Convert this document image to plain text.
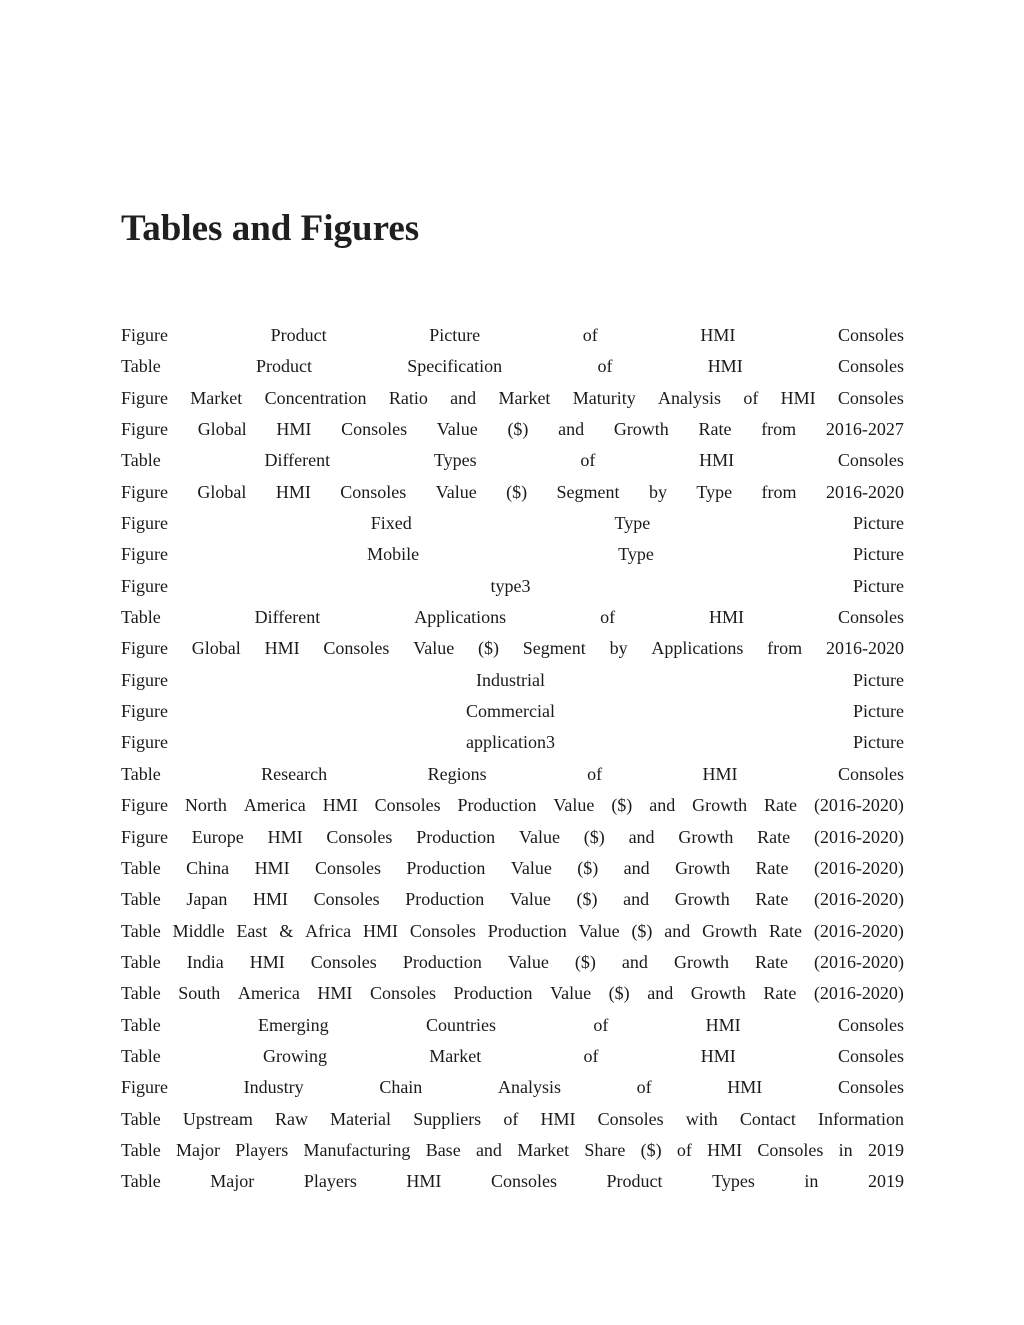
Tables and Figures
Figure	Product	Picture	of	HMI	Consoles
Table	Product	Specification	of	HMI	Consoles
Figure Market Concentration Ratio and Market Maturity Analysis of HMI Consoles
Figure Global HMI Consoles Value ($) and Growth Rate from 2016-2027
Table	Different	Types	of	HMI	Consoles
Figure Global HMI Consoles Value ($) Segment by Type from 2016-2020
Figure	Fixed	Type	Picture
Figure	Mobile	Type	Picture
Figure	type3	Picture
Table	Different	Applications	of	HMI	Consoles
Figure Global HMI Consoles Value ($) Segment by Applications from 2016-2020
Figure	Industrial	Picture
Figure	Commercial	Picture
Figure	application3	Picture
Table	Research	Regions	of	HMI	Consoles
Figure North America HMI Consoles Production Value ($) and Growth Rate (2016-2020)
Figure Europe HMI Consoles Production Value ($) and Growth Rate (2016-2020)
Table China HMI Consoles Production Value ($) and Growth Rate (2016-2020)
Table Japan HMI Consoles Production Value ($) and Growth Rate (2016-2020)
Table Middle East & Africa HMI Consoles Production Value ($) and Growth Rate (2016-2020)
Table India HMI Consoles Production Value ($) and Growth Rate (2016-2020)
Table South America HMI Consoles Production Value ($) and Growth Rate (2016-2020)
Table	Emerging	Countries	of	HMI	Consoles
Table	Growing	Market	of	HMI	Consoles
Figure	Industry	Chain	Analysis	of	HMI	Consoles
Table Upstream Raw Material Suppliers of HMI Consoles with Contact Information
Table Major Players Manufacturing Base and Market Share ($) of HMI Consoles in 2019
Table	Major	Players	HMI	Consoles	Product	Types	in	2019
